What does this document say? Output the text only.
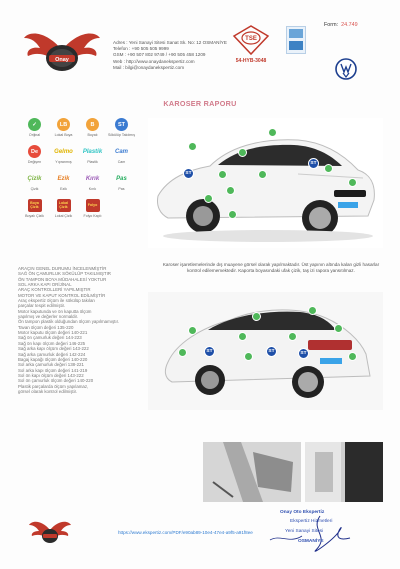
Onay
Adres : Yeni Sanayi Sitesi Sanat Sk. No: 12 OSMANİYE
Telefon : +90 505 505 9999
GSM : +90 507 802 9749 / +90 505 458 1209
Web : http://www.onaydanekspertiz.com
Mail : bilgi@onaydanekspertiz.com
TSE
54-HYB-3048
Form: 24.749
KAROSER RAPORU
✓
Orijinal
LB
Lokal Boya
B
Boyalı
ST
Sökülüp Takılmış
De
Değişen
Gelmo
Yıpranmış
Plastik
Plastik
Cam
Cam
Çizik
Çizik
Ezik
Ezik
Kırık
Kırık
Pas
Pas
Boya Çizik
Boyalı Çizik
Lokal Çizik
Lokal Çizik
Folyo
Folyo Kaplı
ST
ST
Karoser işaretlemelerinde dış muayene görsel olarak yapılmaktadır. Üst yapının altında kalan gizli hasarlar kontrol edilememektedir. Kaporta boyasındaki ufak çizik, taş izi rapora yansıtılmaz.
ST	ST	ST
ARAÇIN GENEL DURUMU İNCELENMİŞTİR
SAĞ ÖN ÇAMURLUK SÖKÜLÜP TAKILMIŞTIR
ÖN TAMPON BOYA MÜDAHALESİ YOKTUR
SOL ARKA KAPI ORİJİNAL
ARAÇ KONTROLLERİ YAPILMIŞTIR
MOTOR VE KAPUT KONTROL EDİLMİŞTİR
Araç ekspertiz ölçüm ile sökülüp takılan
parçalar tespit edilmiştir.
Motor kaputunda ve ön kaputta ölçüm
yapılmış ve değerler normaldir.
Ön tampon plastik olduğundan ölçüm yapılmamıştır.
Tavan ölçüm değeri 135-220
Motor kaputu ölçüm değeri 140-221
Sağ ön çamurluk değeri 144-223
Sağ ön kapı ölçüm değeri 146-225
Sağ arka kapı ölçüm değeri 143-222
Sağ arka çamurluk değeri 142-224
Bagaj kapağı ölçüm değeri 140-220
Sol arka çamurluk değeri 138-221
Sol arka kapı ölçüm değeri 141-219
Sol ön kapı ölçüm değeri 143-222
Sol ön çamurluk ölçüm değeri 140-220
Plastik parçalarda ölçüm yapılamaz,
görsel olarak kontrol edilmiştir.
https://www.ekspertiz.com/PDF/e90ab89-10e4-47e4-a9f5-a91f8ee
Onay Oto Ekspertiz
Ekspertiz Hizmetleri
Yeni Sanayi Sitesi
OSMANİYE
